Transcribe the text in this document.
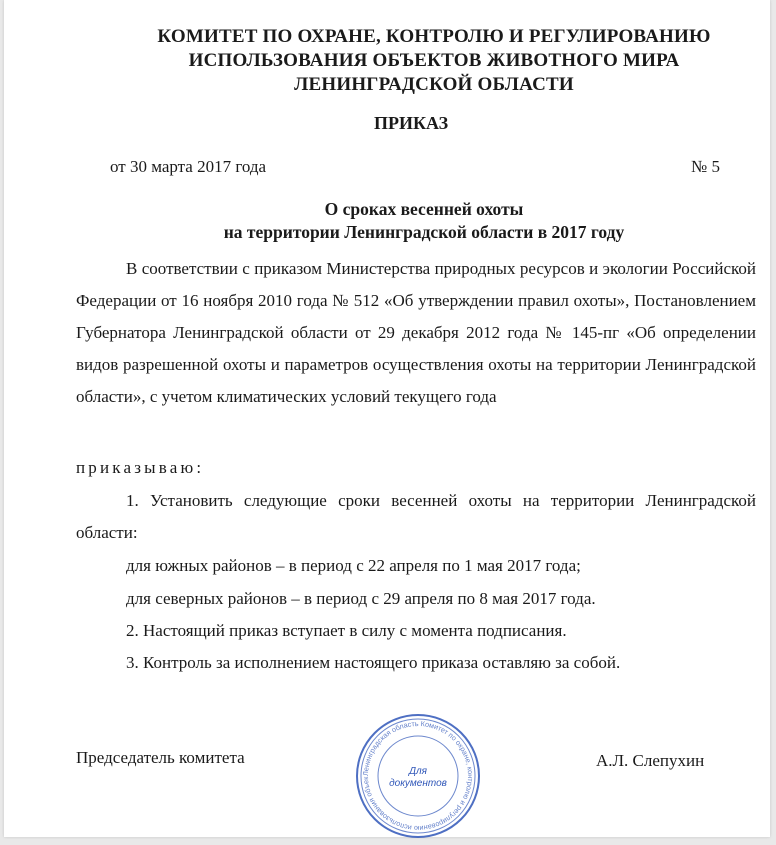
КОМИТЕТ ПО ОХРАНЕ, КОНТРОЛЮ И РЕГУЛИРОВАНИЮ
ИСПОЛЬЗОВАНИЯ ОБЪЕКТОВ ЖИВОТНОГО МИРА
ЛЕНИНГРАДСКОЙ ОБЛАСТИ
ПРИКАЗ
от 30 марта 2017 года	№ 5
О сроках весенней охоты
на территории Ленинградской области в 2017 году
В соответствии с приказом Министерства природных ресурсов и экологии Российской Федерации от 16 ноября 2010 года № 512 «Об утверждении правил охоты», Постановлением Губернатора Ленинградской области от 29 декабря 2012 года № 145-пг «Об определении видов разрешенной охоты и параметров осуществления охоты на территории Ленинградской области», с учетом климатических условий текущего года
приказываю:
1. Установить следующие сроки весенней охоты на территории Ленинградской области:
для южных районов – в период с 22 апреля по 1 мая 2017 года;
для северных районов – в период с 29 апреля по 8 мая 2017 года.
2. Настоящий приказ вступает в силу с момента подписания.
3. Контроль за исполнением настоящего приказа оставляю за собой.
Председатель комитета
Ленинградская область Комитет по охране, контролю и регулированию использования объек
Для
документов
А.Л. Слепухин
